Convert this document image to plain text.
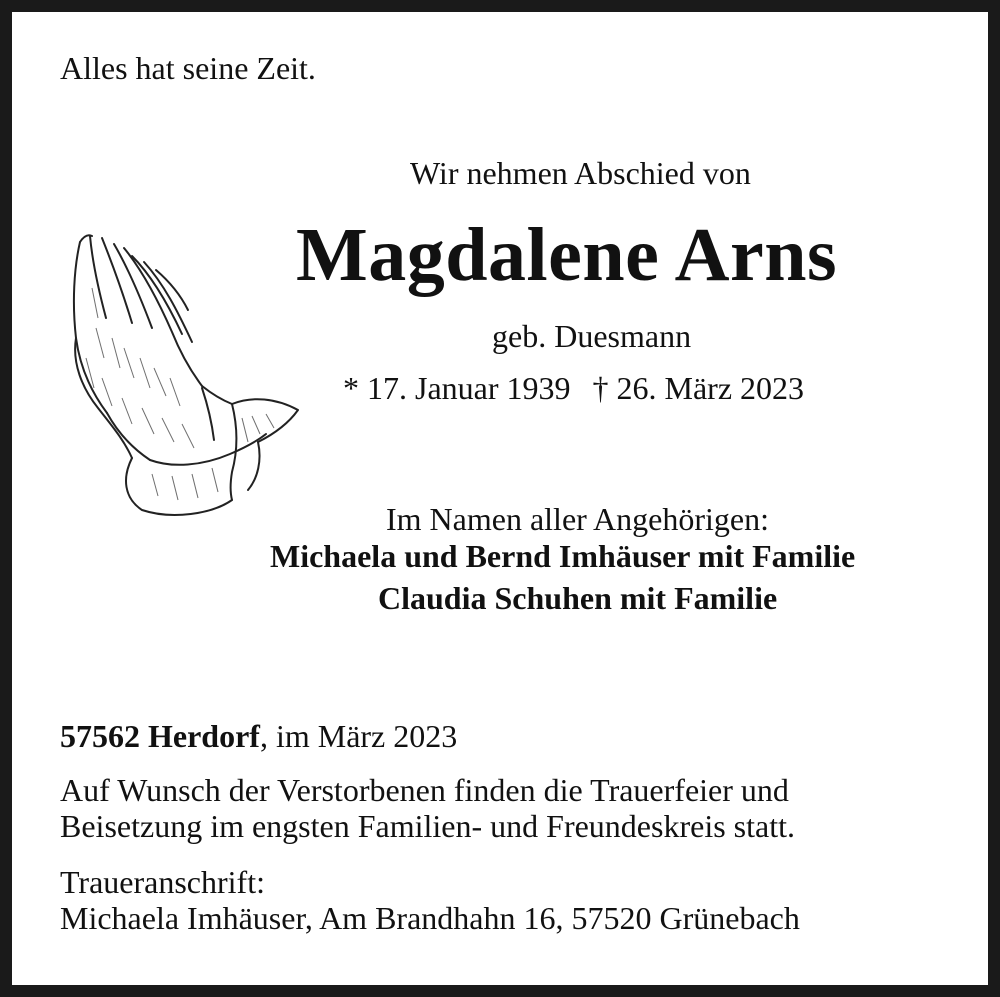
Alles hat seine Zeit.
Wir nehmen Abschied von
Magdalene Arns
geb. Duesmann
* 17. Januar 1939 † 26. März 2023
Im Namen aller Angehörigen:
Michaela und Bernd Imhäuser mit Familie
Claudia Schuhen mit Familie
57562 Herdorf, im März 2023
Auf Wunsch der Verstorbenen finden die Trauerfeier und
Beisetzung im engsten Familien- und Freundeskreis statt.
Traueranschrift:
Michaela Imhäuser, Am Brandhahn 16, 57520 Grünebach
